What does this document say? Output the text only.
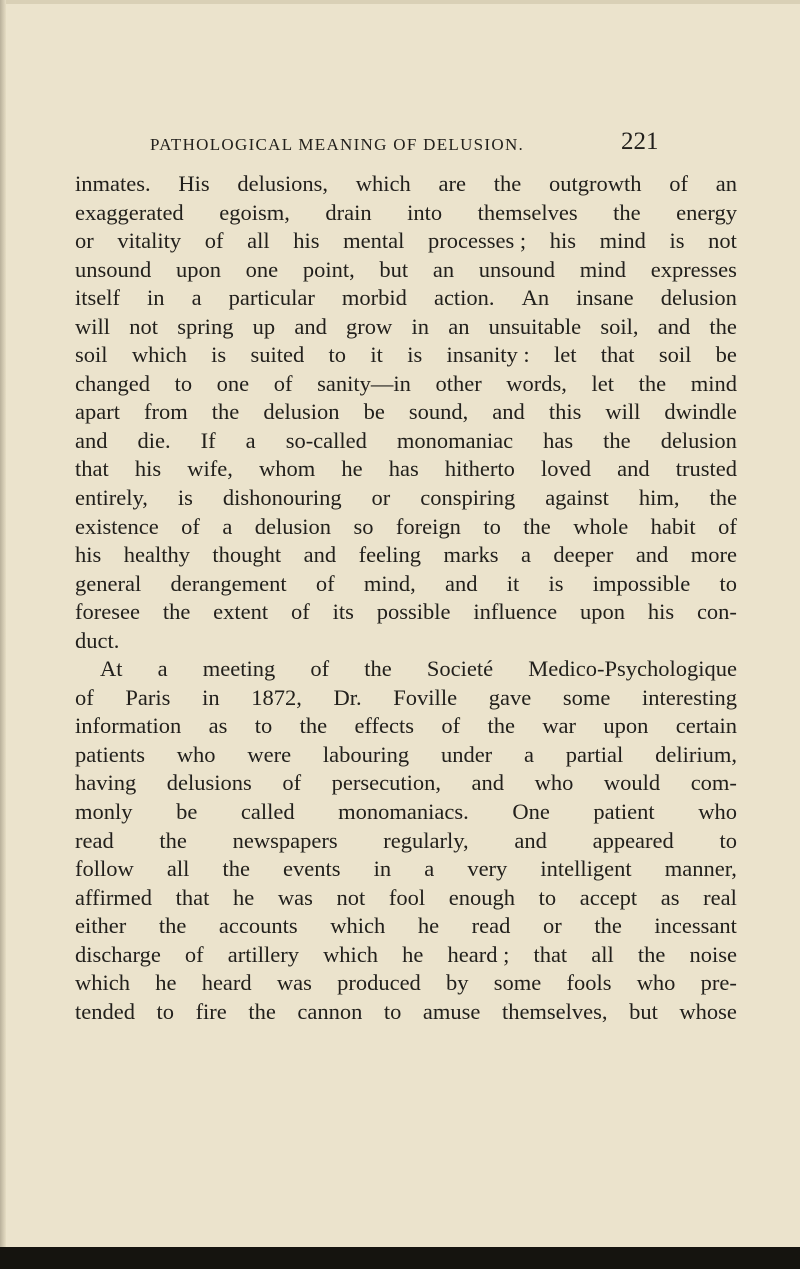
PATHOLOGICAL MEANING OF DELUSION.	221
inmates. His delusions, which are the outgrowth of an
exaggerated egoism, drain into themselves the energy
or vitality of all his mental processes ; his mind is not
unsound upon one point, but an unsound mind expresses
itself in a particular morbid action. An insane delusion
will not spring up and grow in an unsuitable soil, and the
soil which is suited to it is insanity : let that soil be
changed to one of sanity—in other words, let the mind
apart from the delusion be sound, and this will dwindle
and die. If a so-called monomaniac has the delusion
that his wife, whom he has hitherto loved and trusted
entirely, is dishonouring or conspiring against him, the
existence of a delusion so foreign to the whole habit of
his healthy thought and feeling marks a deeper and more
general derangement of mind, and it is impossible to
foresee the extent of its possible influence upon his con-
duct.
At a meeting of the Societé Medico-Psychologique
of Paris in 1872, Dr. Foville gave some interesting
information as to the effects of the war upon certain
patients who were labouring under a partial delirium,
having delusions of persecution, and who would com-
monly be called monomaniacs. One patient who
read the newspapers regularly, and appeared to
follow all the events in a very intelligent manner,
affirmed that he was not fool enough to accept as real
either the accounts which he read or the incessant
discharge of artillery which he heard ; that all the noise
which he heard was produced by some fools who pre-
tended to fire the cannon to amuse themselves, but whose
